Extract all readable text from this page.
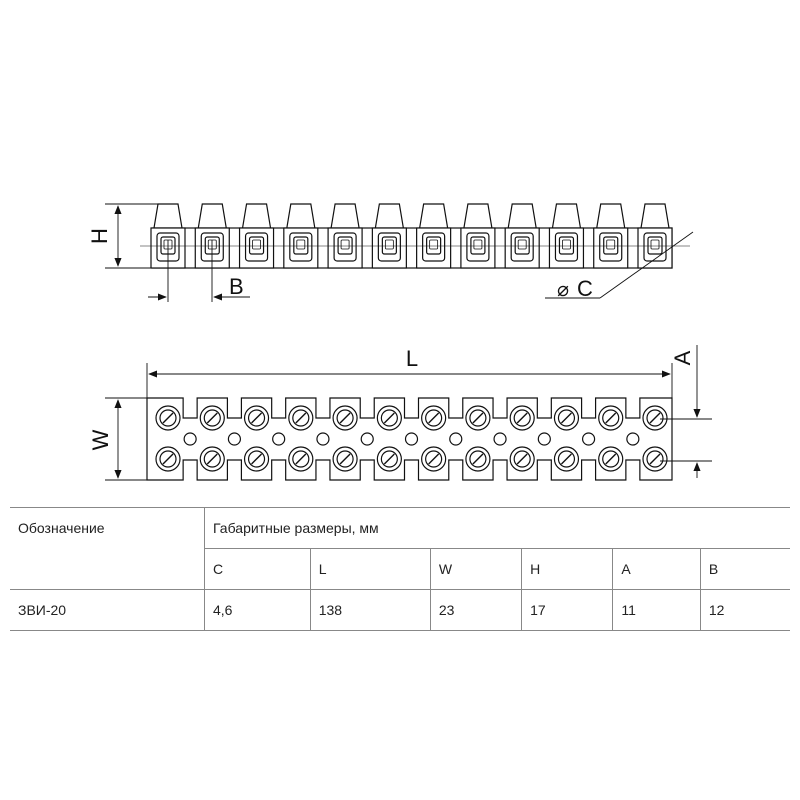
H
B	⌀ C
L
W
A
Обозначение	Габаритные размеры, мм					
	C	L	W	H	A	B
ЗВИ-20	4,6	138	23	17	11	12
